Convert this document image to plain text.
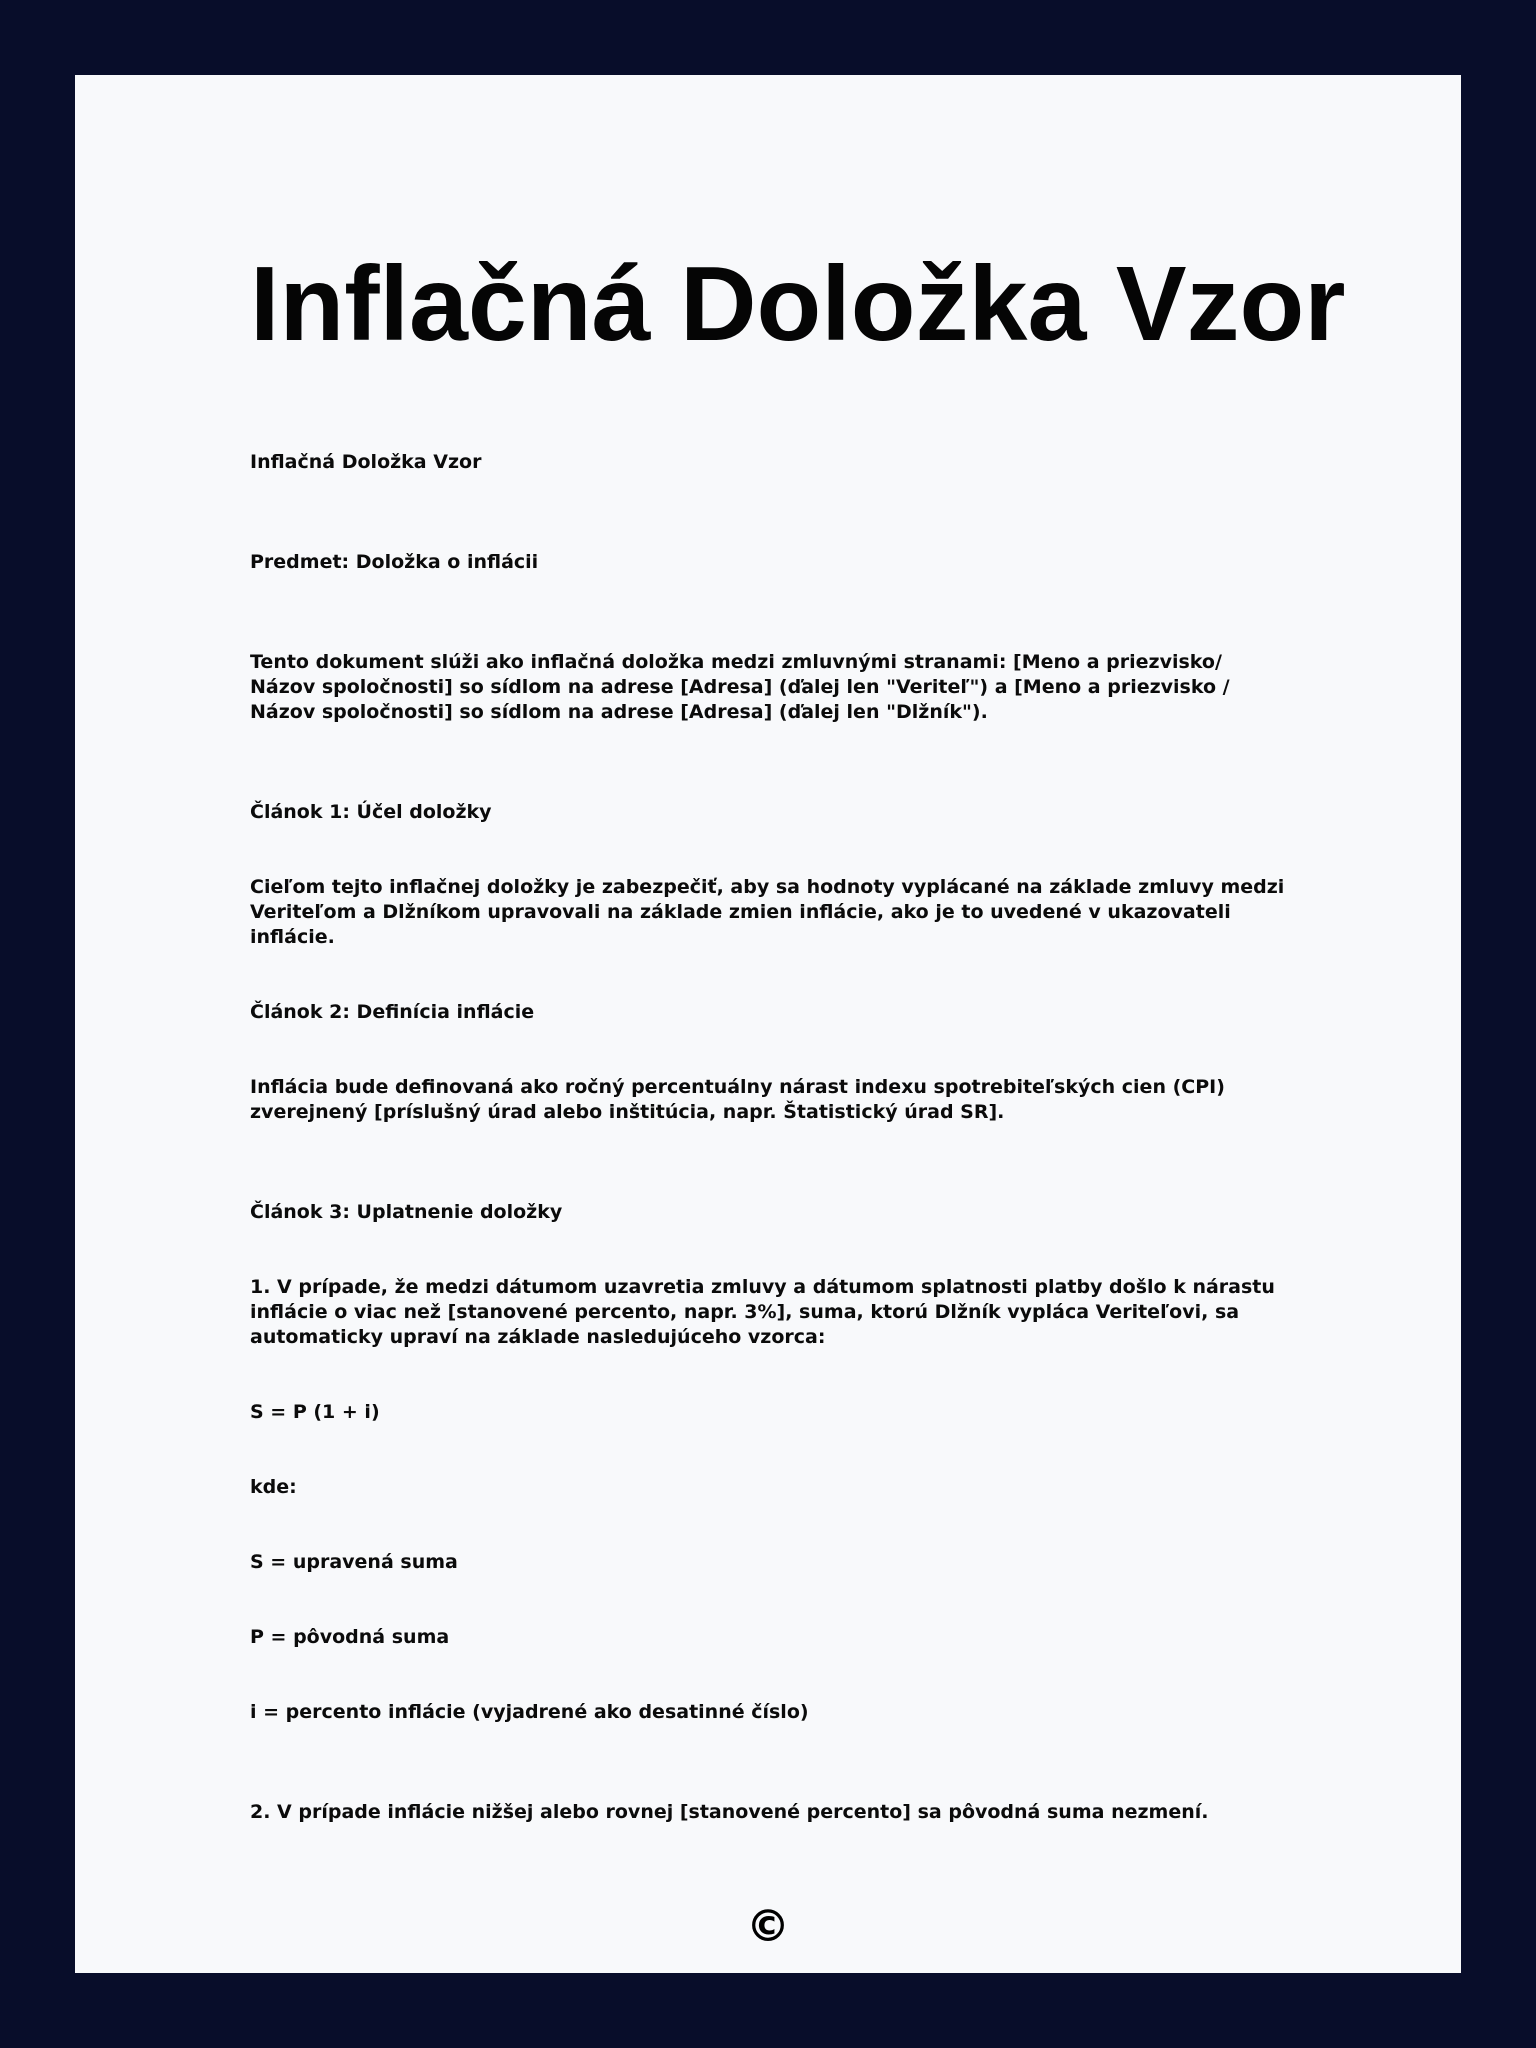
Inflačná Doložka Vzor

Inflačná Doložka Vzor

Predmet: Doložka o inflácii

Tento dokument slúži ako inflačná doložka medzi zmluvnými stranami: [Meno a priezvisko/ Názov spoločnosti] so sídlom na adrese [Adresa] (ďalej len "Veriteľ") a [Meno a priezvisko / Názov spoločnosti] so sídlom na adrese [Adresa] (ďalej len "Dlžník").

Článok 1: Účel doložky

Cieľom tejto inflačnej doložky je zabezpečiť, aby sa hodnoty vyplácané na základe zmluvy medzi Veriteľom a Dlžníkom upravovali na základe zmien inflácie, ako je to uvedené v ukazovateli inflácie.

Článok 2: Definícia inflácie

Inflácia bude definovaná ako ročný percentuálny nárast indexu spotrebiteľských cien (CPI) zverejnený [príslušný úrad alebo inštitúcia, napr. Štatistický úrad SR].

Článok 3: Uplatnenie doložky

1. V prípade, že medzi dátumom uzavretia zmluvy a dátumom splatnosti platby došlo k nárastu inflácie o viac než [stanovené percento, napr. 3%], suma, ktorú Dlžník vypláca Veriteľovi, sa automaticky upraví na základe nasledujúceho vzorca:

S = P (1 + i)

kde:

S = upravená suma

P = pôvodná suma

i = percento inflácie (vyjadrené ako desatinné číslo)

2. V prípade inflácie nižšej alebo rovnej [stanovené percento] sa pôvodná suma nezmení.

©
